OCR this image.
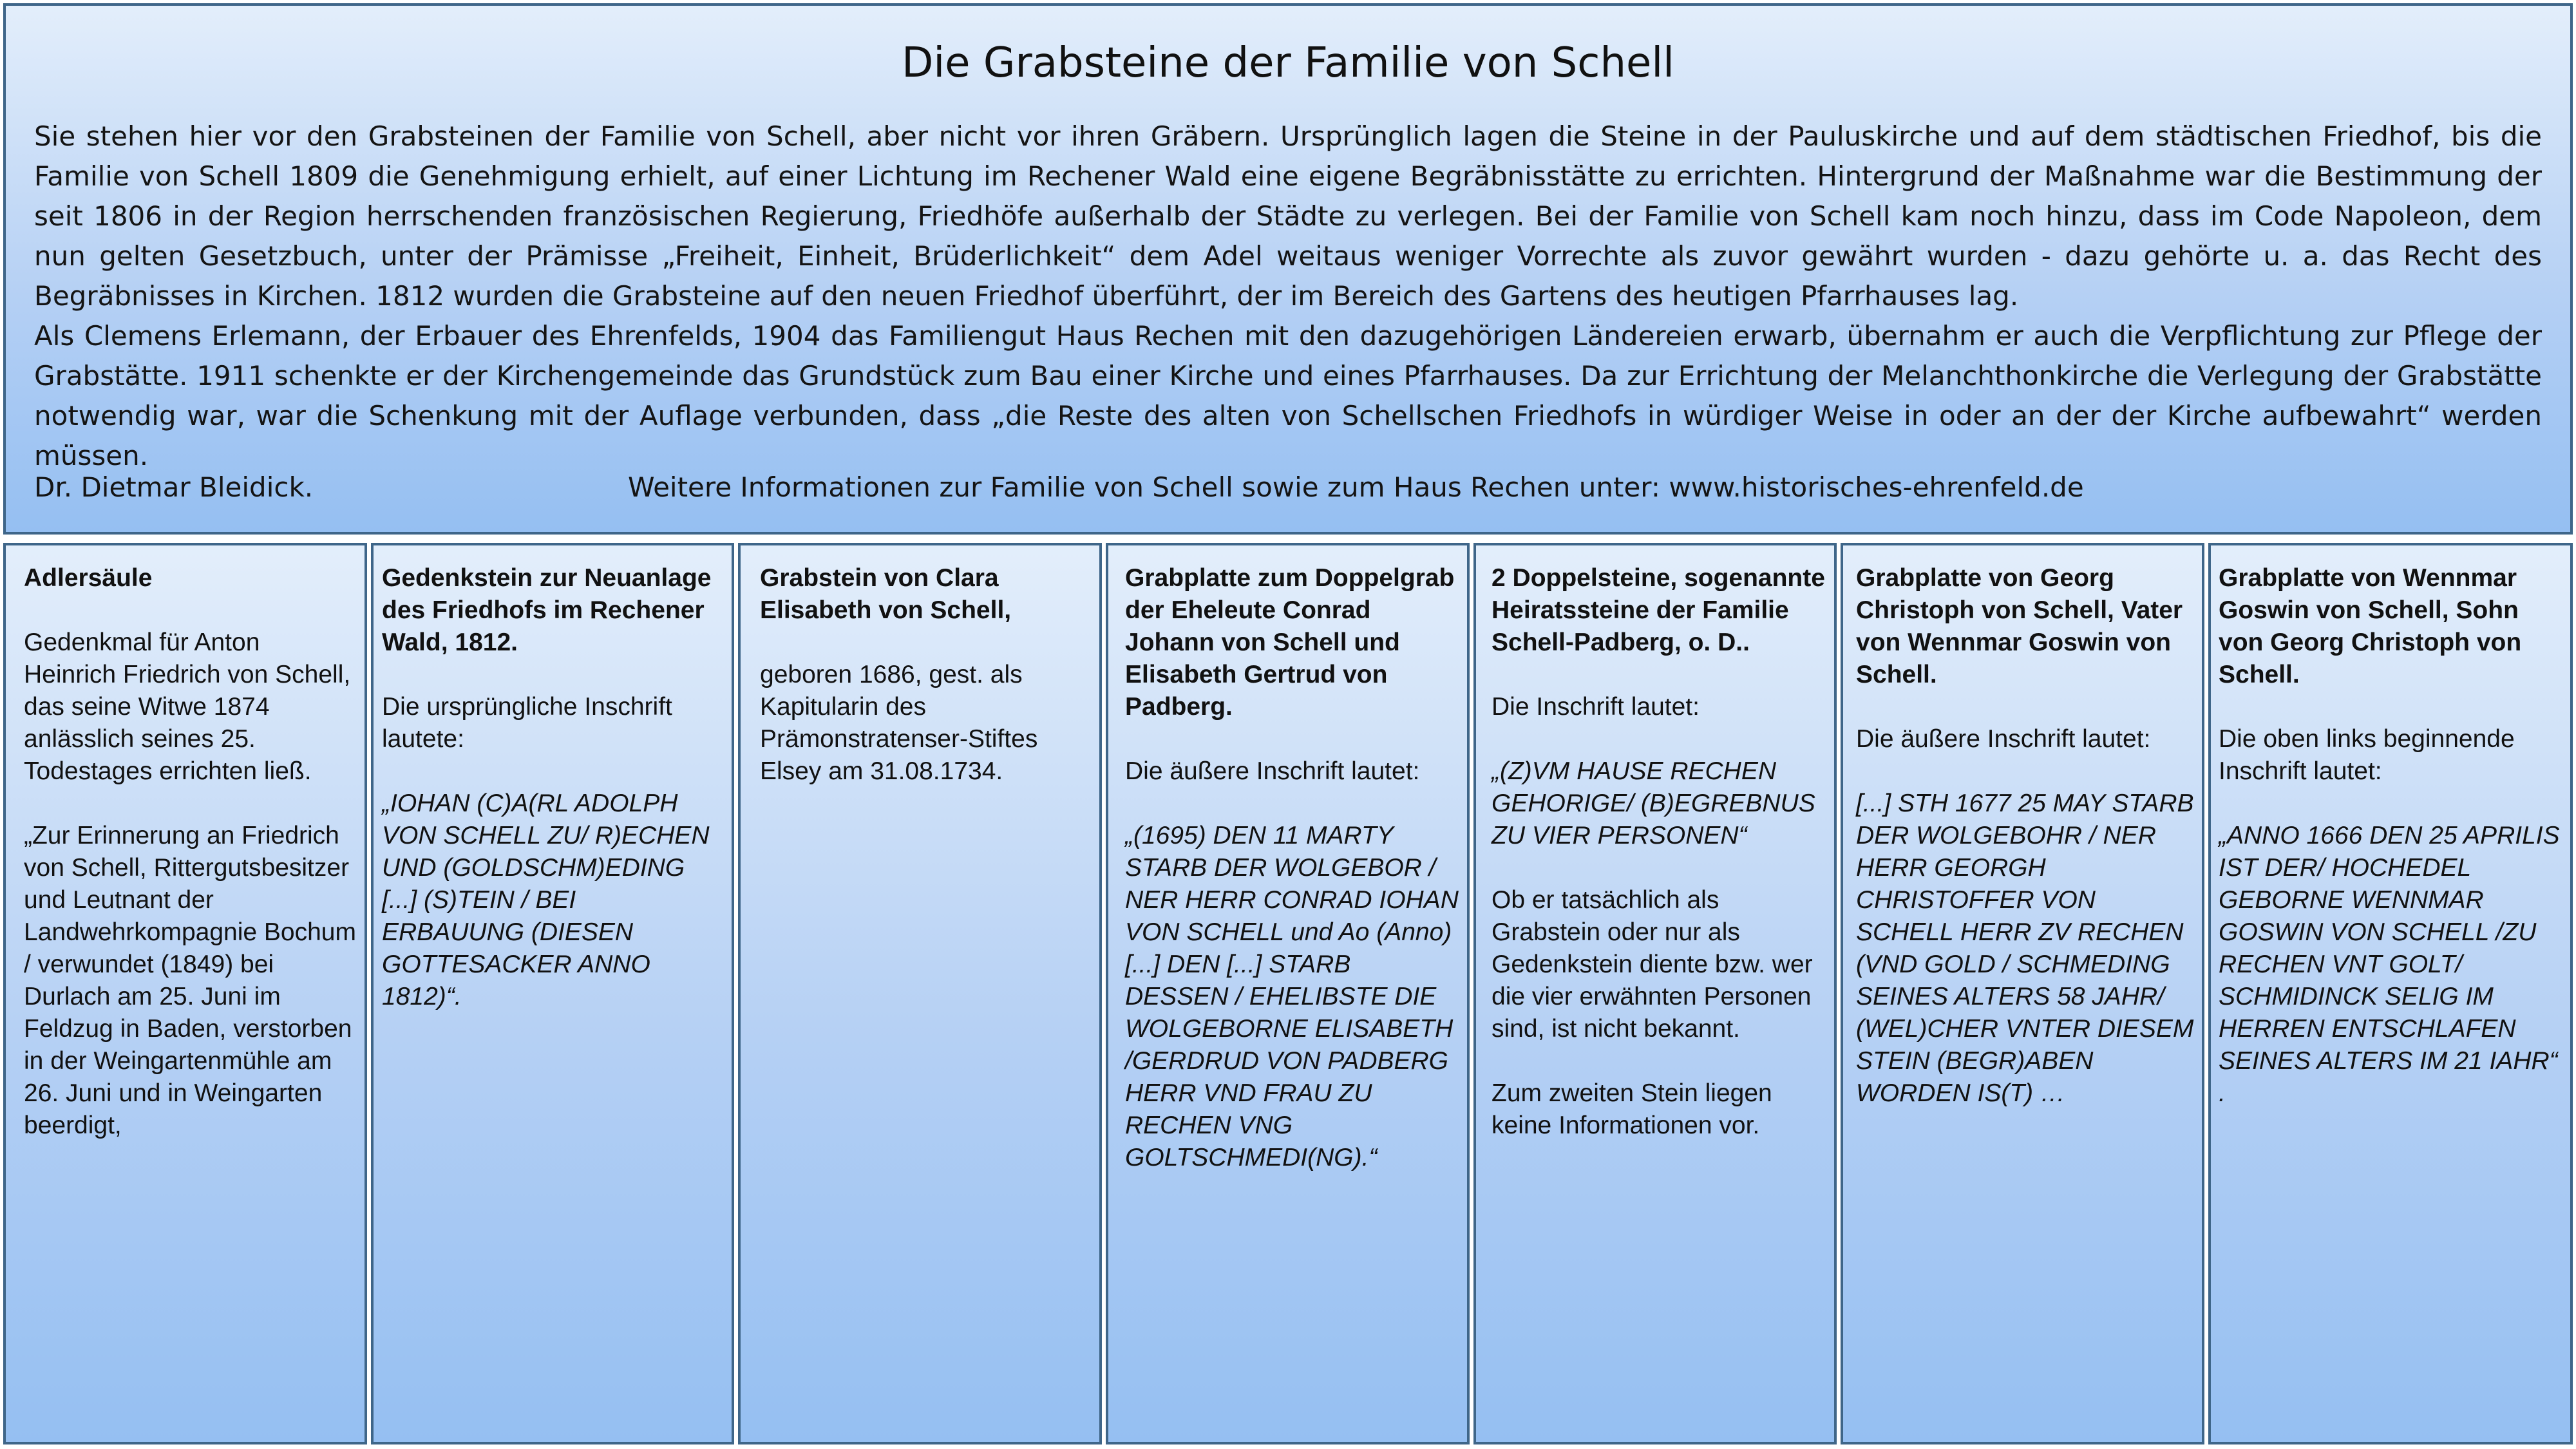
Die Grabsteine der Familie von Schell

Sie stehen hier vor den Grabsteinen der Familie von Schell, aber nicht vor ihren Gräbern. Ursprünglich lagen die Steine in der Pauluskirche und auf dem städtischen Friedhof, bis die Familie von Schell 1809 die Genehmigung erhielt, auf einer Lichtung im Rechener Wald eine eigene Begräbnisstätte zu errichten. Hintergrund der Maßnahme war die Bestimmung der seit 1806 in der Region herrschenden französischen Regierung, Friedhöfe außerhalb der Städte zu verlegen. Bei der Familie von Schell kam noch hinzu, dass im Code Napoleon, dem nun gelten Gesetzbuch, unter der Prämisse „Freiheit, Einheit, Brüderlichkeit“ dem Adel weitaus weniger Vorrechte als zuvor gewährt wurden - dazu gehörte u. a. das Recht des Begräbnisses in Kirchen. 1812 wurden die Grabsteine auf den neuen Friedhof überführt, der im Bereich des Gartens des heutigen Pfarrhauses lag.

Als Clemens Erlemann, der Erbauer des Ehrenfelds, 1904 das Familiengut Haus Rechen mit den dazugehörigen Ländereien erwarb, übernahm er auch die Verpflichtung zur Pflege der Grabstätte. 1911 schenkte er der Kirchengemeinde das Grundstück zum Bau einer Kirche und eines Pfarrhauses. Da zur Errichtung der Melanchthonkirche die Verlegung der Grabstätte notwendig war, war die Schenkung mit der Auflage verbunden, dass „die Reste des alten von Schellschen Friedhofs in würdiger Weise in oder an der der Kirche aufbewahrt“ werden müssen.

Dr. Dietmar Bleidick.	Weitere Informationen zur Familie von Schell sowie zum Haus Rechen unter: www.historisches-ehrenfeld.de

Adlersäule

Gedenkmal für Anton Heinrich Friedrich von Schell, das seine Witwe 1874 anlässlich seines 25. Todestages errichten ließ.

„Zur Erinnerung an Friedrich von Schell, Rittergutsbesitzer und Leutnant der Landwehrkompagnie Bochum / verwundet (1849) bei Durlach am 25. Juni im Feldzug in Baden, verstorben in der Weingartenmühle am 26. Juni und in Weingarten beerdigt,

Gedenkstein zur Neuanlage des Friedhofs im Rechener Wald, 1812.

Die ursprüngliche Inschrift lautete:

„IOHAN (C)A(RL ADOLPH VON SCHELL ZU/ R)ECHEN UND (GOLDSCHM)EDING [...] (S)TEIN / BEI ERBAUUNG (DIESEN GOTTESACKER ANNO 1812)“.

Grabstein von Clara Elisabeth von Schell,

geboren 1686, gest. als Kapitularin des Prämonstratenser-Stiftes Elsey am 31.08.1734.

Grabplatte zum Doppelgrab der Eheleute Conrad Johann von Schell und Elisabeth Gertrud von Padberg.

Die äußere Inschrift lautet:

„(1695) DEN 11 MARTY STARB DER WOLGEBOR / NER HERR CONRAD IOHAN VON SCHELL und Ao (Anno) [...] DEN [...] STARB DESSEN / EHELIBSTE DIE WOLGEBORNE ELISABETH /GERDRUD VON PADBERG HERR VND FRAU ZU RECHEN VNG GOLTSCHMEDI(NG).“

2 Doppelsteine, sogenannte Heiratssteine der Familie Schell-Padberg, o. D..

Die Inschrift lautet:

„(Z)VM HAUSE RECHEN GEHORIGE/ (B)EGREBNUS ZU VIER PERSONEN“

Ob er tatsächlich als Grabstein oder nur als Gedenkstein diente bzw. wer die vier erwähnten Personen sind, ist nicht bekannt.

Zum zweiten Stein liegen keine Informationen vor.

Grabplatte von Georg Christoph von Schell, Vater von Wennmar Goswin von Schell.

Die äußere Inschrift lautet:

[...] STH 1677 25 MAY STARB DER WOLGEBOHR / NER HERR GEORGH CHRISTOFFER VON SCHELL HERR ZV RECHEN (VND GOLD / SCHMEDING SEINES ALTERS 58 JAHR/ (WEL)CHER VNTER DIESEM STEIN (BEGR)ABEN WORDEN IS(T) …

Grabplatte von Wennmar Goswin von Schell, Sohn von Georg Christoph von Schell.

Die oben links beginnende Inschrift lautet:

„ANNO 1666 DEN 25 APRILIS IST DER/ HOCHEDEL GEBORNE WENNMAR GOSWIN VON SCHELL /ZU RECHEN VNT GOLT/ SCHMIDINCK SELIG IM HERREN ENTSCHLAFEN SEINES ALTERS IM 21 IAHR“ .
